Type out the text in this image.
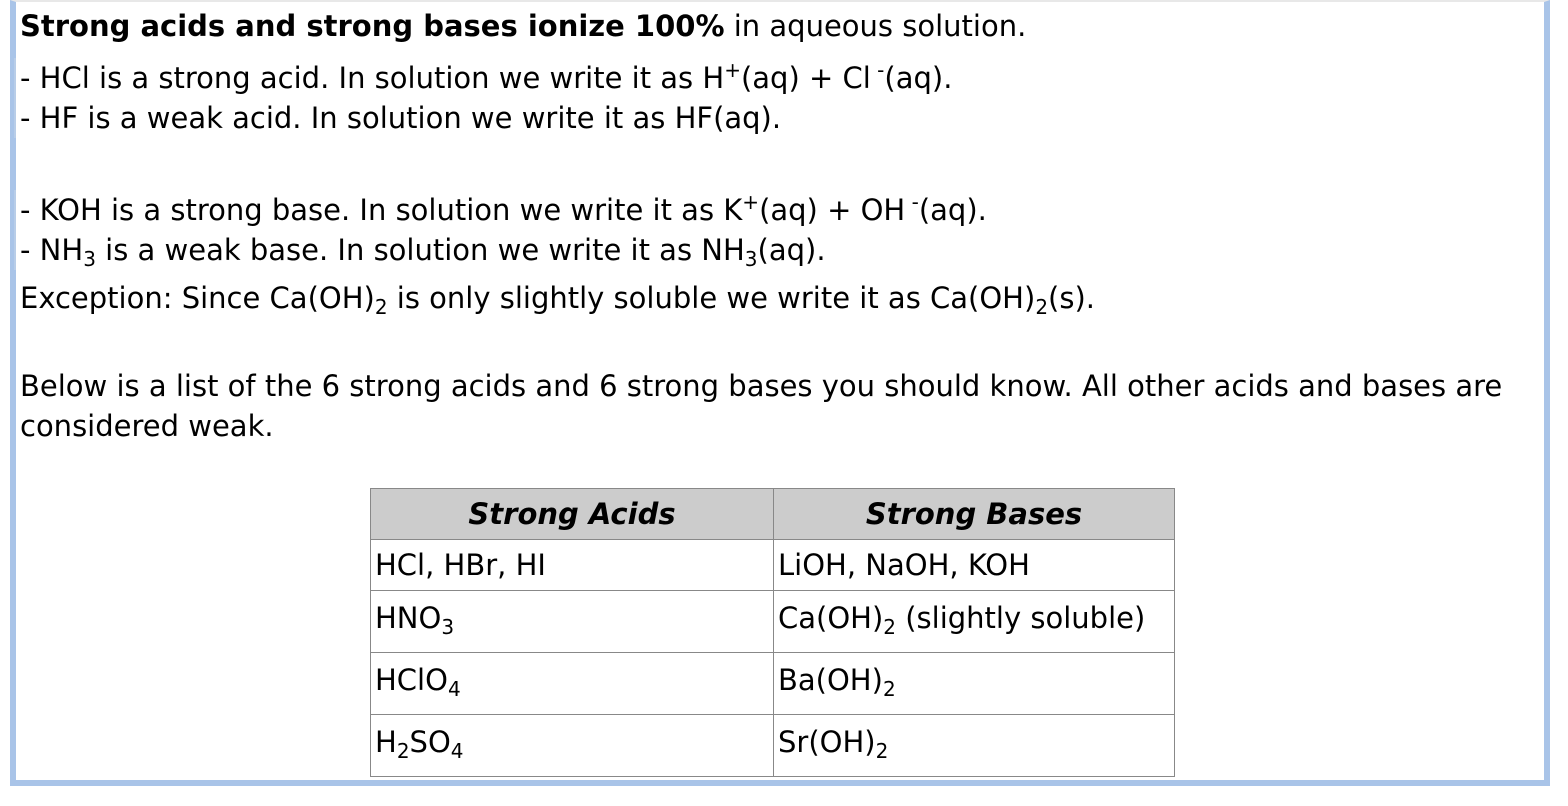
Strong acids and strong bases ionize 100% in aqueous solution.
- HCl is a strong acid. In solution we write it as H+(aq) + Cl -(aq).
- HF is a weak acid. In solution we write it as HF(aq).
- KOH is a strong base. In solution we write it as K+(aq) + OH -(aq).
- $NH_3$ is a weak base. In solution we write it as $NH_3(aq)$.
Exception: Since $Ca(OH)_2$ is only slightly soluble we write it as $Ca(OH)_2(s)$.
Below is a list of the 6 strong acids and 6 strong bases you should know. All other acids and bases are considered weak.
Strong Acids	Strong Bases
HCl, HBr, HI	LiOH, NaOH, KOH
$HNO_3$	$Ca(OH)_2$ (slightly soluble)
HClO$_4$	$Ba(OH)_2$
$H_2SO_4$	$Sr(OH)_2$
